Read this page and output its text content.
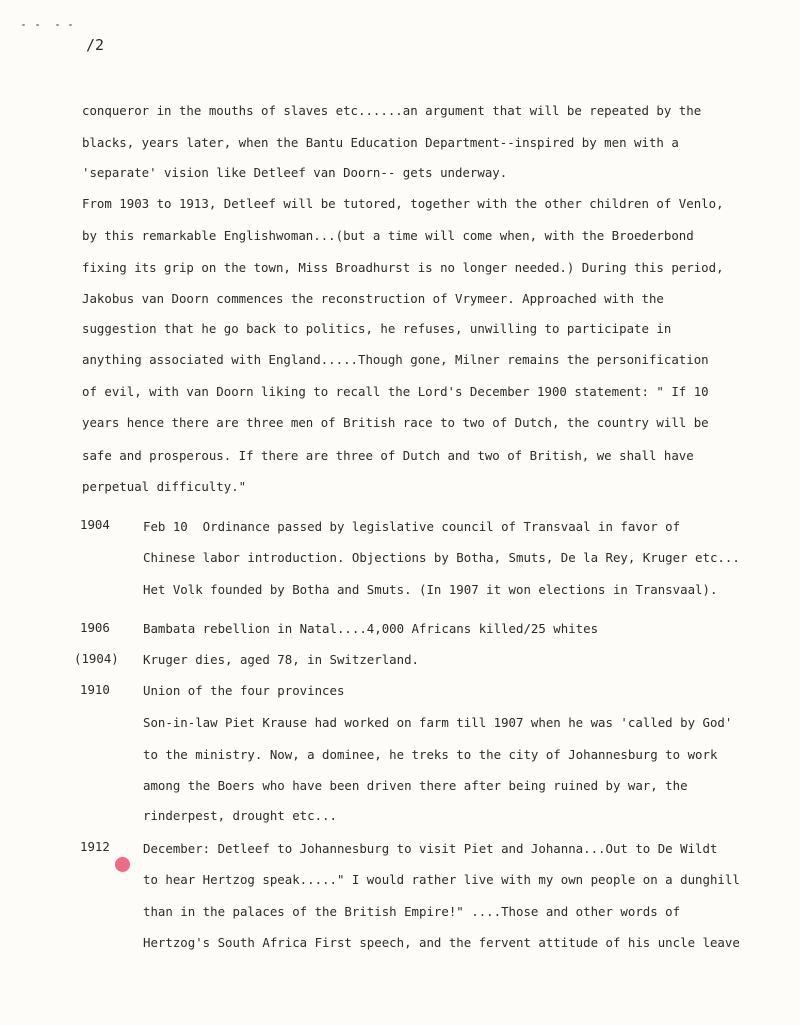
/2
conqueror in the mouths of slaves etc......an argument that will be repeated by the
blacks, years later, when the Bantu Education Department--inspired by men with a
'separate' vision like Detleef van Doorn-- gets underway.
From 1903 to 1913, Detleef will be tutored, together with the other children of Venlo,
by this remarkable Englishwoman...(but a time will come when, with the Broederbond
fixing its grip on the town, Miss Broadhurst is no longer needed.) During this period,
Jakobus van Doorn commences the reconstruction of Vrymeer. Approached with the
suggestion that he go back to politics, he refuses, unwilling to participate in
anything associated with England.....Though gone, Milner remains the personification
of evil, with van Doorn liking to recall the Lord's December 1900 statement: " If 10
years hence there are three men of British race to two of Dutch, the country will be
safe and prosperous. If there are three of Dutch and two of British, we shall have
perpetual difficulty."
1904	Feb 10  Ordinance passed by legislative council of Transvaal in favor of
Chinese labor introduction. Objections by Botha, Smuts, De la Rey, Kruger etc...
Het Volk founded by Botha and Smuts. (In 1907 it won elections in Transvaal).
1906	Bambata rebellion in Natal....4,000 Africans killed/25 whites
(1904) Kruger dies, aged 78, in Switzerland.
1910	Union of the four provinces
Son-in-law Piet Krause had worked on farm till 1907 when he was 'called by God'
to the ministry. Now, a dominee, he treks to the city of Johannesburg to work
among the Boers who have been driven there after being ruined by war, the
rinderpest, drought etc...
1912	December: Detleef to Johannesburg to visit Piet and Johanna...Out to De Wildt
to hear Hertzog speak....." I would rather live with my own people on a dunghill
than in the palaces of the British Empire!" ....Those and other words of
Hertzog's South Africa First speech, and the fervent attitude of his uncle leave
